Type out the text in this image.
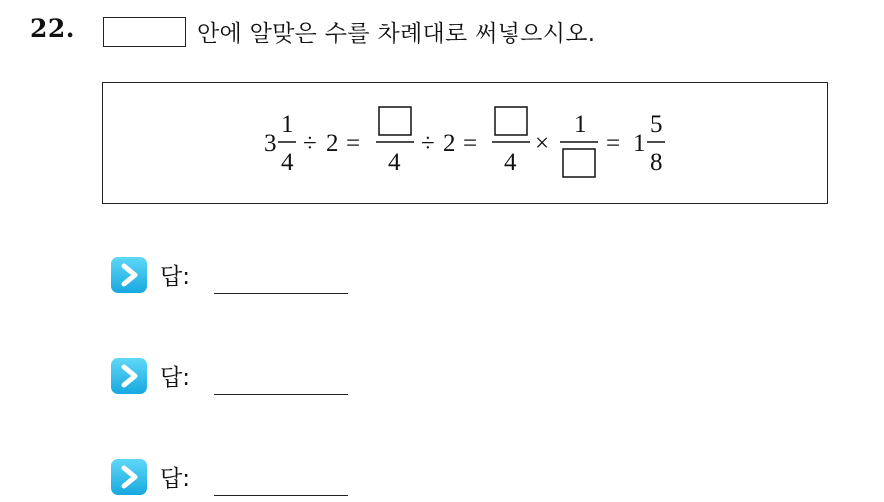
22.	안에 알맞은 수를 차례대로 써넣으시오.
3
1
4
÷ 2 =
4
÷ 2 =
4
×
1
= 1
5
8
답:
답:
답:
